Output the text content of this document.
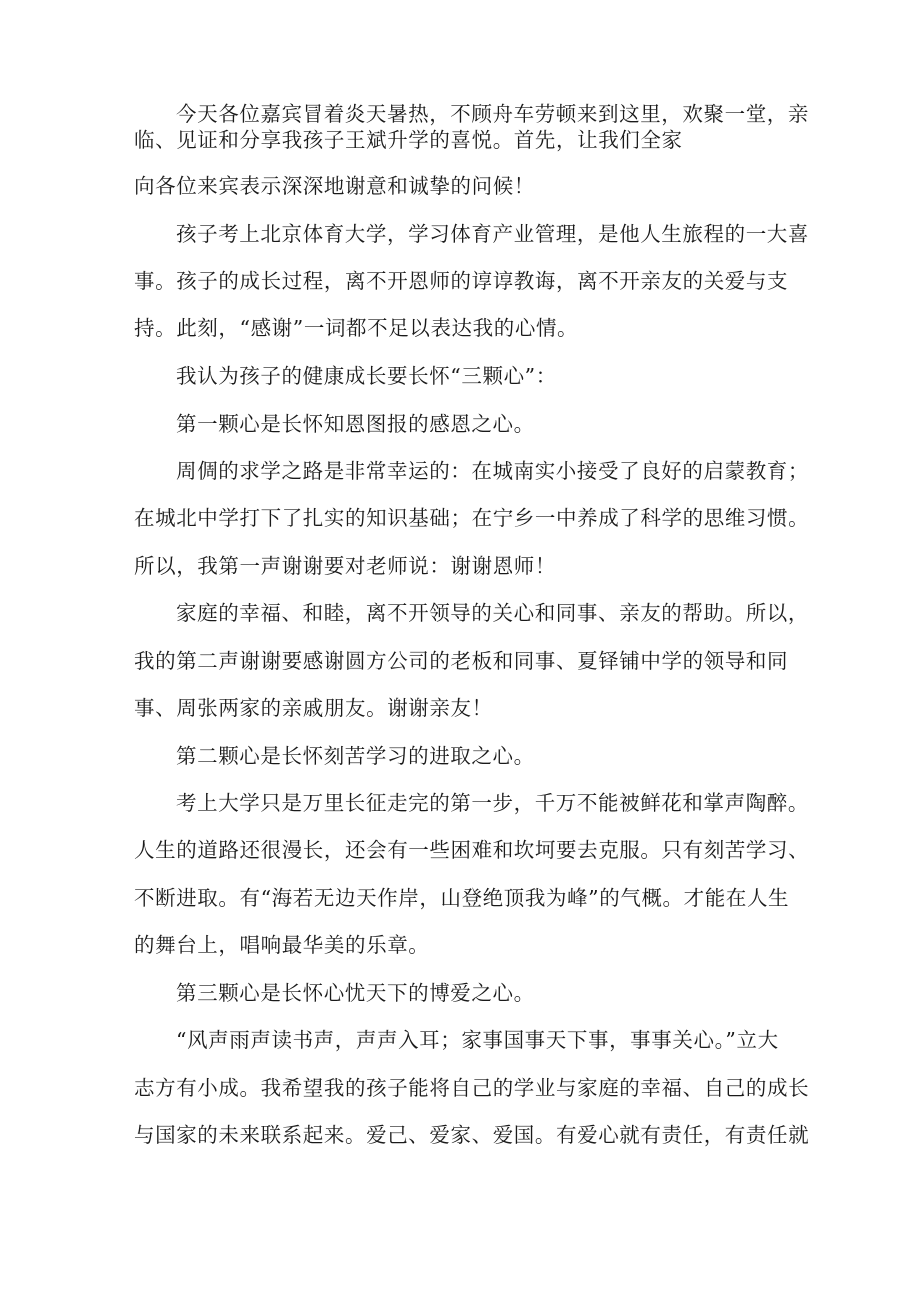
今天各位嘉宾冒着炎天暑热，不顾舟车劳顿来到这里，欢聚一堂，亲
临、见证和分享我孩子王斌升学的喜悦。首先，让我们全家
向各位来宾表示深深地谢意和诚挚的问候！
孩子考上北京体育大学，学习体育产业管理，是他人生旅程的一大喜
事。孩子的成长过程，离不开恩师的谆谆教诲，离不开亲友的关爱与支
持。此刻，“感谢”一词都不足以表达我的心情。
我认为孩子的健康成长要长怀“三颗心”：
第一颗心是长怀知恩图报的感恩之心。
周倜的求学之路是非常幸运的：在城南实小接受了良好的启蒙教育；
在城北中学打下了扎实的知识基础；在宁乡一中养成了科学的思维习惯。
所以，我第一声谢谢要对老师说：谢谢恩师！
家庭的幸福、和睦，离不开领导的关心和同事、亲友的帮助。所以，
我的第二声谢谢要感谢圆方公司的老板和同事、夏铎铺中学的领导和同
事、周张两家的亲戚朋友。谢谢亲友！
第二颗心是长怀刻苦学习的进取之心。
考上大学只是万里长征走完的第一步，千万不能被鲜花和掌声陶醉。
人生的道路还很漫长，还会有一些困难和坎坷要去克服。只有刻苦学习、
不断进取。有“海若无边天作岸，山登绝顶我为峰”的气概。才能在人生
的舞台上，唱响最华美的乐章。
第三颗心是长怀心忧天下的博爱之心。
“风声雨声读书声，声声入耳；家事国事天下事，事事关心。”立大
志方有小成。我希望我的孩子能将自己的学业与家庭的幸福、自己的成长
与国家的未来联系起来。爱己、爱家、爱国。有爱心就有责任，有责任就
